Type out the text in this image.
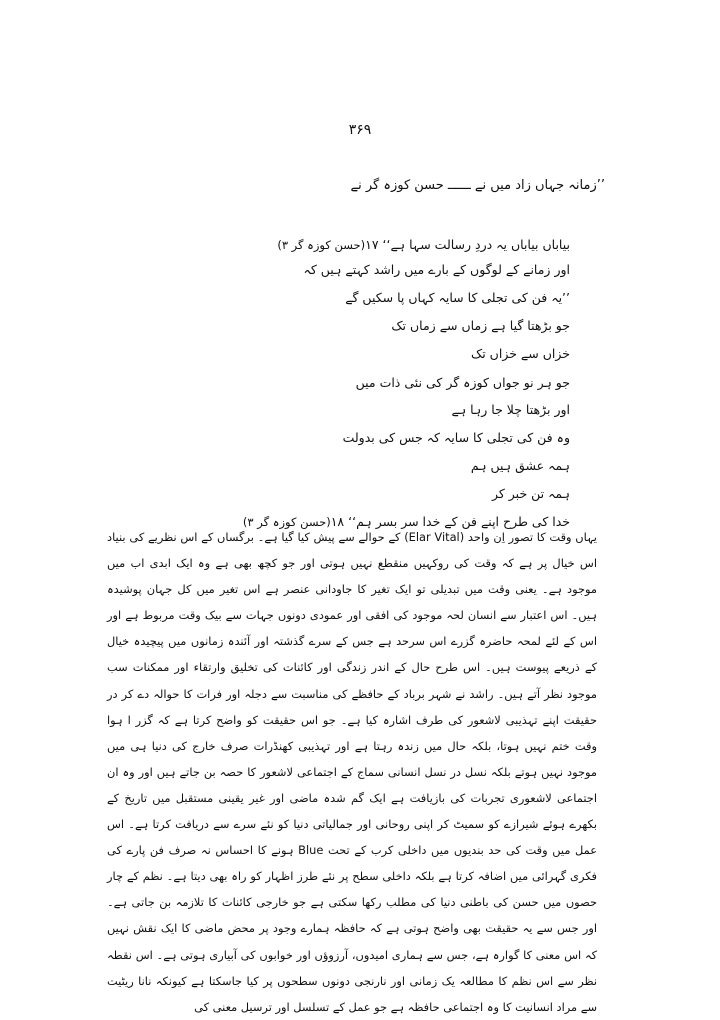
۳۶۹
’’زمانہ جہاں زاد میں نے ــــــ حسن کوزہ گر نے
بیاباں بیاباں یہ دردِ رسالت سہا ہے‘‘ ۱۷
(حسن کوزہ گر ۳)
اور زمانے کے لوگوں کے بارے میں راشد کہتے ہیں کہ
’’یہ فن کی تجلی کا سایہ کہاں پا سکیں گے
جو بڑھتا گیا ہے زماں سے زماں تک
خزاں سے خزاں تک
جو ہر نو جواں کوزہ گر کی نئی ذات میں
اور بڑھتا چلا جا رہا ہے
وہ فن کی تجلی کا سایہ کہ جس کی بدولت
ہمہ عشق ہیں ہم
ہمہ تن خبر کر
خدا کی طرح اپنے فن کے خدا سر بسر ہم‘‘ ۱۸
(حسن کوزہ گر ۳)

یہاں وقت کا تصور اِن واحد (Elar Vital) کے حوالے سے پیش کیا گیا ہے۔ برگساں کے اس نظریے کی بنیاد اس خیال پر ہے کہ وقت کی روکہیں منقطع نہیں ہوتی اور جو کچھ بھی ہے وہ ایک ابدی اب میں موجود ہے۔ یعنی وقت میں تبدیلی تو ایک تغیر کا جاودانی عنصر ہے اس تغیر میں کل جہان پوشیدہ ہیں۔ اس اعتبار سے انسان لحہ موجود کی افقی اور عمودی دونوں جہات سے بیک وقت مربوط ہے اور اس کے لئے لمحہ حاضرہ گزرے اس سرحد ہے جس کے سرے گذشتہ اور آئندہ زمانوں میں پیچیدہ خیال کے ذریعے پیوست ہیں۔ اس طرح حال کے اندر زندگی اور کائنات کی تخلیق وارتقاء اور ممکنات سب موجود نظر آتے ہیں۔ راشد نے شہر برباد کے حافظے کی مناسبت سے دجلہ اور فرات کا حوالہ دے کر در حقیقت اپنے تہذیبی لاشعور کی طرف اشارہ کیا ہے۔ جو اس حقیقت کو واضح کرتا ہے کہ گزر ا ہوا وقت ختم نہیں ہوتا، بلکہ حال میں زندہ رہتا ہے اور تہذیبی کھنڈرات صرف خارج کی دنیا ہی میں موجود نہیں ہوتے بلکہ نسل در نسل انسانی سماج کے اجتماعی لاشعور کا حصہ بن جاتے ہیں اور وہ ان اجتماعی لاشعوری تجربات کی بازیافت ہے ایک گم شدہ ماضی اور غیر یقینی مستقبل میں تاریخ کے بکھرے ہوئے شیرازے کو سمیٹ کر اپنی روحانی اور جمالیاتی دنیا کو نئے سرے سے دریافت کرتا ہے۔ اس عمل میں وقت کی حد بندیوں میں داخلی کرب کے تحت Blue ہونے کا احساس نہ صرف فن پارے کی فکری گہرائی میں اضافہ کرتا ہے بلکہ داخلی سطح پر نئے طرز اظہار کو راہ بھی دیتا ہے۔ نظم کے چار حصوں میں حسن کی باطنی دنیا کی مطلب رکھا سکتی ہے جو خارجی کائنات کا تلازمہ بن جاتی ہے۔ اور جس سے یہ حقیقت بھی واضح ہوتی ہے کہ حافظہ ہمارے وجود پر محض ماضی کا ایک نقش نہیں کہ اس معنی کا گوارہ ہے، جس سے ہماری امیدوں، آرزوؤں اور خوابوں کی آبیاری ہوتی ہے۔ اس نقطہ نظر سے اس نظم کا مطالعہ یک زمانی اور نارنجی دونوں سطحوں پر کیا جاسکتا ہے کیونکہ نانا ریٹیت سے مراد انسانیت کا وہ اجتماعی حافظہ ہے جو عمل کے تسلسل اور ترسیل معنی کی
